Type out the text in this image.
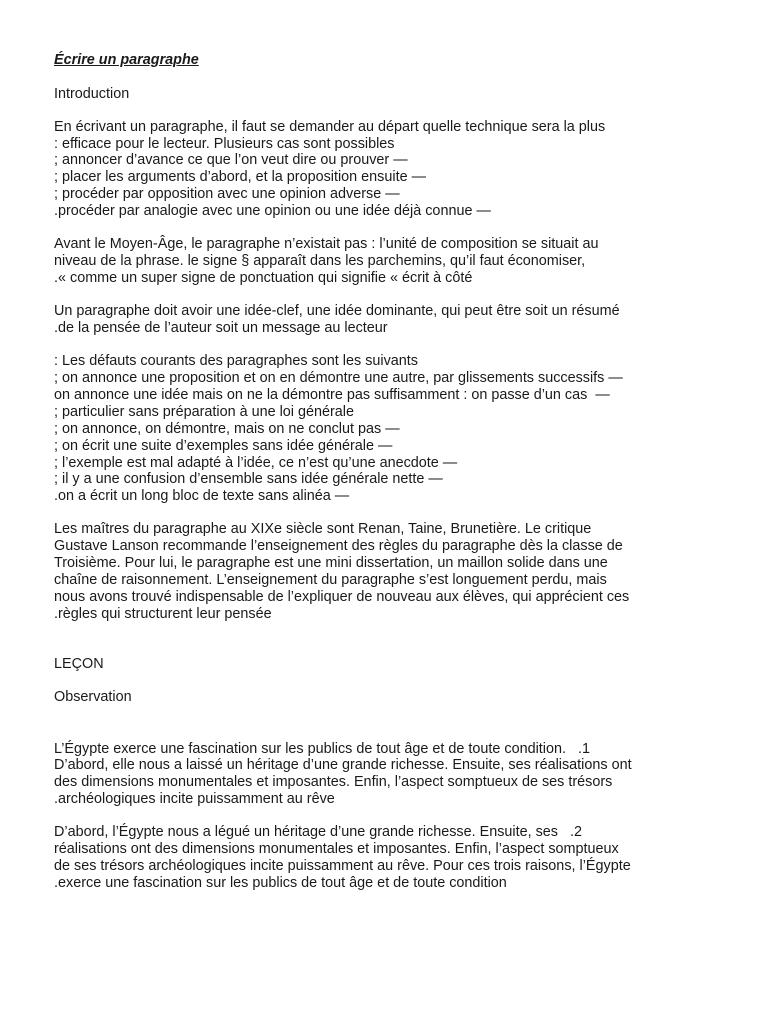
Écrire un paragraphe
Introduction
En écrivant un paragraphe, il faut se demander au départ quelle technique sera la plus
: efficace pour le lecteur. Plusieurs cas sont possibles
; annoncer d’avance ce que l’on veut dire ou prouver —
; placer les arguments d’abord, et la proposition ensuite —
; procéder par opposition avec une opinion adverse —
.procéder par analogie avec une opinion ou une idée déjà connue —
Avant le Moyen-Âge, le paragraphe n’existait pas : l’unité de composition se situait au
niveau de la phrase. le signe § apparaît dans les parchemins, qu’il faut économiser,
.« comme un super signe de ponctuation qui signifie « écrit à côté
Un paragraphe doit avoir une idée-clef, une idée dominante, qui peut être soit un résumé
.de la pensée de l’auteur soit un message au lecteur
: Les défauts courants des paragraphes sont les suivants
; on annonce une proposition et on en démontre une autre, par glissements successifs —
on annonce une idée mais on ne la démontre pas suffisamment : on passe d’un cas  —
; particulier sans préparation à une loi générale
; on annonce, on démontre, mais on ne conclut pas —
; on écrit une suite d’exemples sans idée générale —
; l’exemple est mal adapté à l’idée, ce n’est qu’une anecdote —
; il y a une confusion d’ensemble sans idée générale nette —
.on a écrit un long bloc de texte sans alinéa —
Les maîtres du paragraphe au XIXe siècle sont Renan, Taine, Brunetière. Le critique
Gustave Lanson recommande l’enseignement des règles du paragraphe dès la classe de
Troisième. Pour lui, le paragraphe est une mini dissertation, un maillon solide dans une
chaîne de raisonnement. L’enseignement du paragraphe s’est longuement perdu, mais
nous avons trouvé indispensable de l’expliquer de nouveau aux élèves, qui apprécient ces
.règles qui structurent leur pensée
LEÇON
Observation
L’Égypte exerce une fascination sur les publics de tout âge et de toute condition.   .1
D’abord, elle nous a laissé un héritage d’une grande richesse. Ensuite, ses réalisations ont
des dimensions monumentales et imposantes. Enfin, l’aspect somptueux de ses trésors
.archéologiques incite puissamment au rêve
D’abord, l’Égypte nous a légué un héritage d’une grande richesse. Ensuite, ses   .2
réalisations ont des dimensions monumentales et imposantes. Enfin, l’aspect somptueux
de ses trésors archéologiques incite puissamment au rêve. Pour ces trois raisons, l’Égypte
.exerce une fascination sur les publics de tout âge et de toute condition
